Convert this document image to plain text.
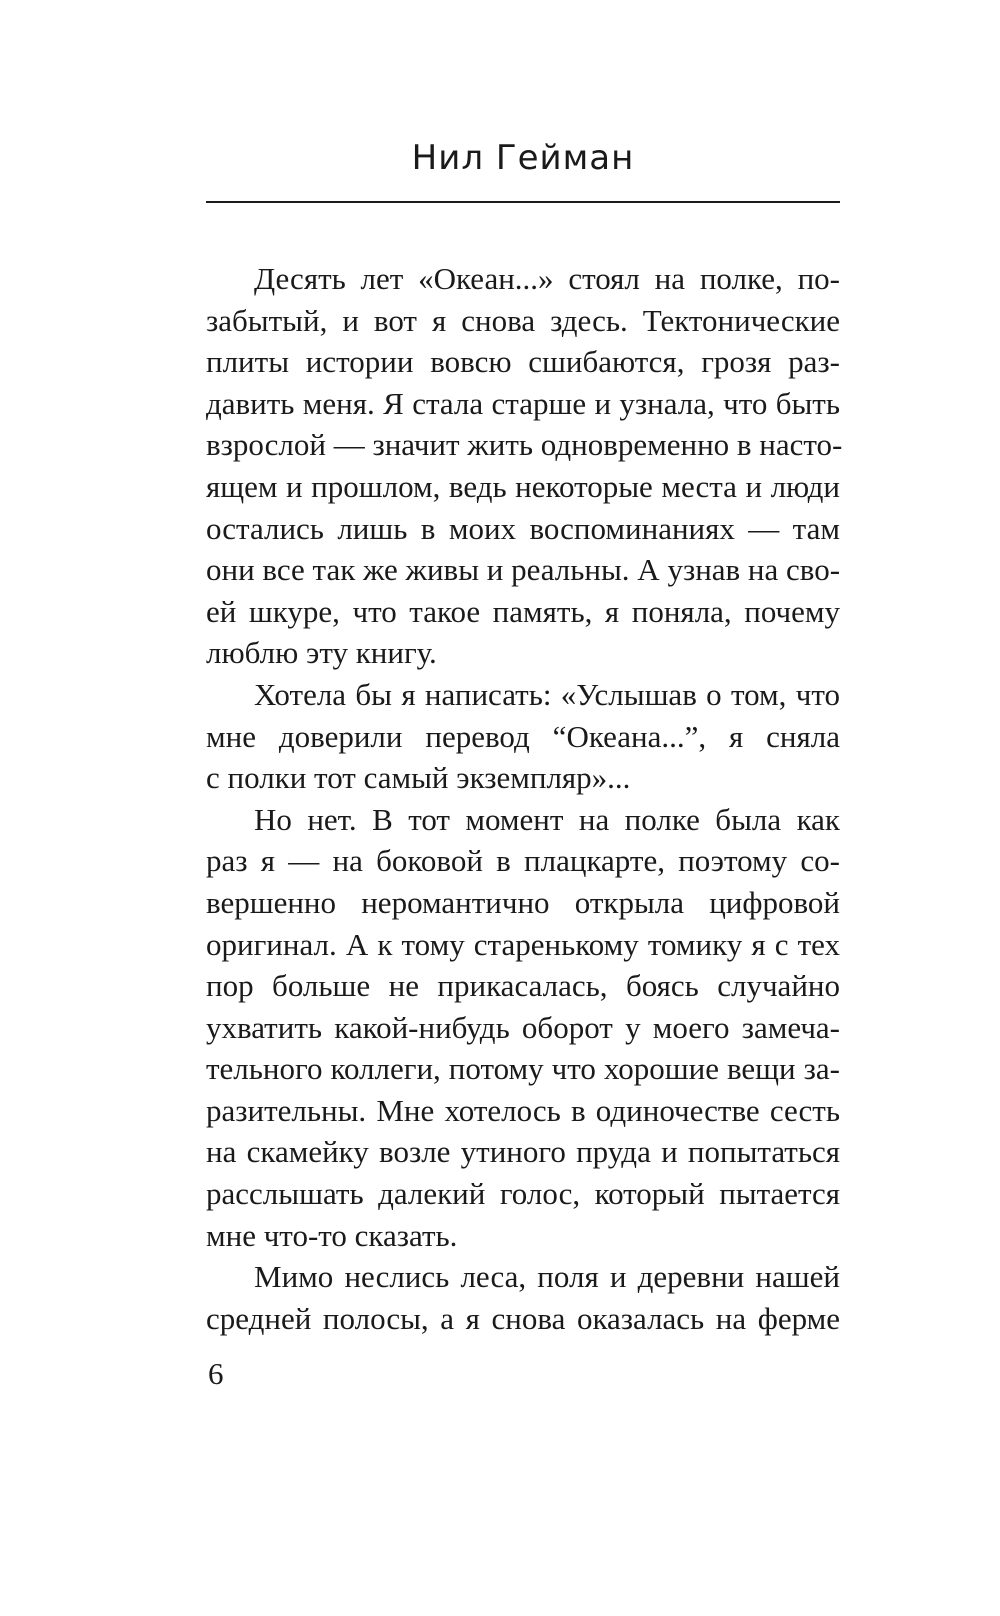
Нил Гейман
Десять лет «Океан...» стоял на полке, по-
забытый, и вот я снова здесь. Тектонические
плиты истории вовсю сшибаются, грозя раз-
давить меня. Я стала старше и узнала, что быть
взрослой — значит жить одновременно в насто-
ящем и прошлом, ведь некоторые места и люди
остались лишь в моих воспоминаниях — там
они все так же живы и реальны. А узнав на сво-
ей шкуре, что такое память, я поняла, почему
люблю эту книгу.
Хотела бы я написать: «Услышав о том, что
мне доверили перевод “Океана...”, я сняла
с полки тот самый экземпляр»...
Но нет. В тот момент на полке была как
раз я — на боковой в плацкарте, поэтому со-
вершенно неромантично открыла цифровой
оригинал. А к тому старенькому томику я с тех
пор больше не прикасалась, боясь случайно
ухватить какой-нибудь оборот у моего замеча-
тельного коллеги, потому что хорошие вещи за-
разительны. Мне хотелось в одиночестве сесть
на скамейку возле утиного пруда и попытаться
расслышать далекий голос, который пытается
мне что-то сказать.
Мимо неслись леса, поля и деревни нашей
средней полосы, а я снова оказалась на ферме
6
